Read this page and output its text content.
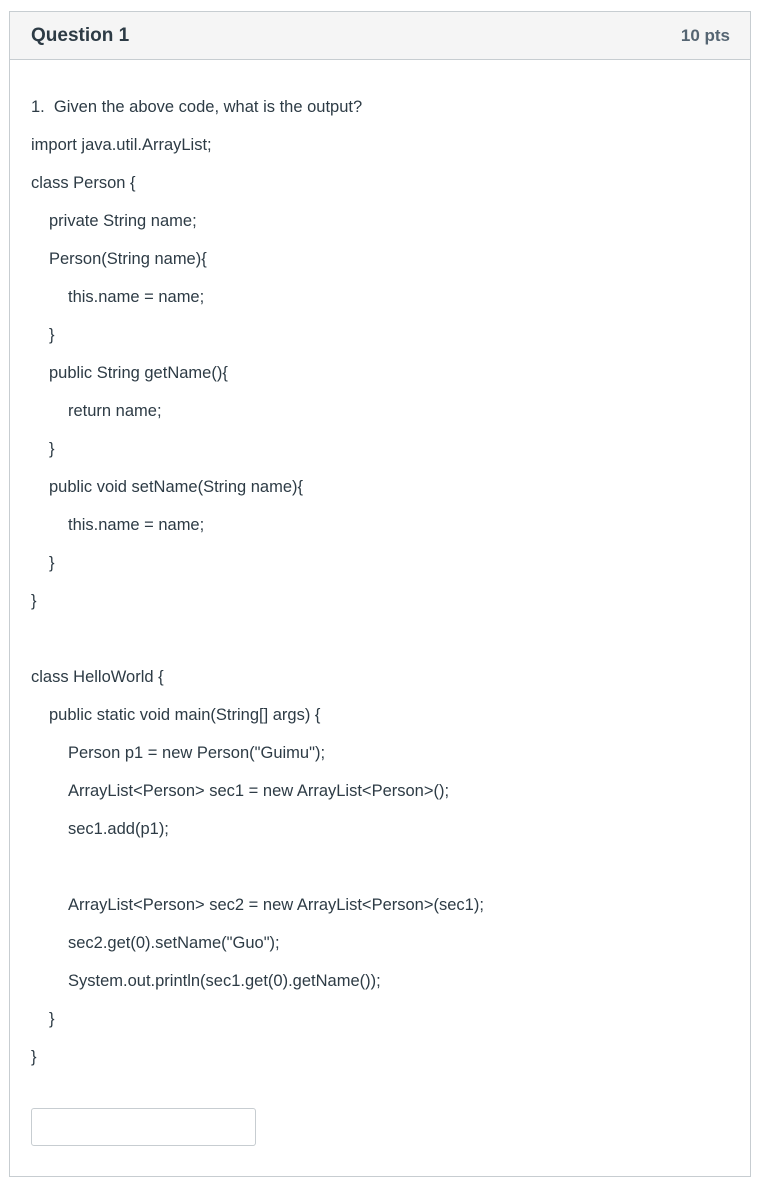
Question 1	10 pts
1.  Given the above code, what is the output?
import java.util.ArrayList;
class Person {
private String name;
Person(String name){
this.name = name;
}
public String getName(){
return name;
}
public void setName(String name){
this.name = name;
}
}
class HelloWorld {
public static void main(String[] args) {
Person p1 = new Person("Guimu");
ArrayList<Person> sec1 = new ArrayList<Person>();
sec1.add(p1);
ArrayList<Person> sec2 = new ArrayList<Person>(sec1);
sec2.get(0).setName("Guo");
System.out.println(sec1.get(0).getName());
}
}
